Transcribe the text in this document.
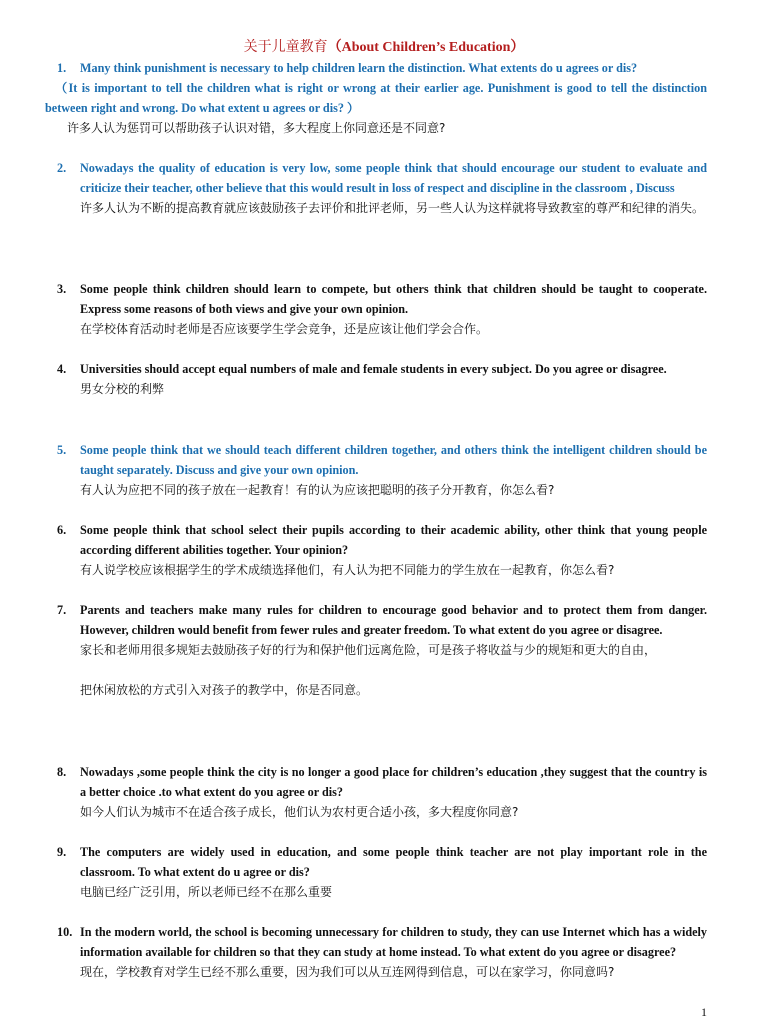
关于儿童教育（About Children’s Education）
1. Many think punishment is necessary to help children learn the distinction. What extents do u agrees or dis?
（It is important to tell the children what is right or wrong at their earlier age. Punishment is good to tell the distinction between right and wrong. Do what extent u agrees or dis? ）
许多人认为惩罚可以帮助孩子认识对错，多大程度上你同意还是不同意?
2.	Nowadays the quality of education is very low, some people think that should encourage our student to evaluate and criticize their teacher, other believe that this would result in loss of respect and discipline in the classroom , Discuss
许多人认为不断的提高教育就应该鼓励孩子去评价和批评老师，另一些人认为这样就将导致教室的尊严和纪律的消失。
3.	Some people think children should learn to compete, but others think that children should be taught to cooperate. Express some reasons of both views and give your own opinion.
在学校体育活动时老师是否应该要学生学会竞争，还是应该让他们学会合作。
4.	Universities should accept equal numbers of male and female students in every subject. Do you agree or disagree.
男女分校的利弊
5.	Some people think that we should teach different children together, and others think the intelligent children should be taught separately. Discuss and give your own opinion.
有人认为应把不同的孩子放在一起教育！有的认为应该把聪明的孩子分开教育，你怎么看?
6.	Some people think that school select their pupils according to their academic ability, other think that young people according different abilities together. Your opinion?
有人说学校应该根据学生的学术成绩选择他们，有人认为把不同能力的学生放在一起教育，你怎么看?
7.	Parents and teachers make many rules for children to encourage good behavior and to protect them from danger. However, children would benefit from fewer rules and greater freedom. To what extent do you agree or disagree.
家长和老师用很多规矩去鼓励孩子好的行为和保护他们远离危险，可是孩子将收益与少的规矩和更大的自由，
把休闲放松的方式引入对孩子的教学中，你是否同意。
8.	Nowadays ,some people think the city is no longer a good place for children’s education ,they suggest that the country is a better choice .to what extent do you agree or dis?
如今人们认为城市不在适合孩子成长，他们认为农村更合适小孩，多大程度你同意?
9.	The computers are widely used in education, and some people think teacher are not play important role in the classroom. To what extent do u agree or dis?
电脑已经广泛引用，所以老师已经不在那么重要
10. In the modern world, the school is becoming unnecessary for children to study, they can use Internet which has a widely information available for children so that they can study at home instead. To what extent do you agree or disagree?
现在，学校教育对学生已经不那么重要，因为我们可以从互连网得到信息，可以在家学习，你同意吗?
1
